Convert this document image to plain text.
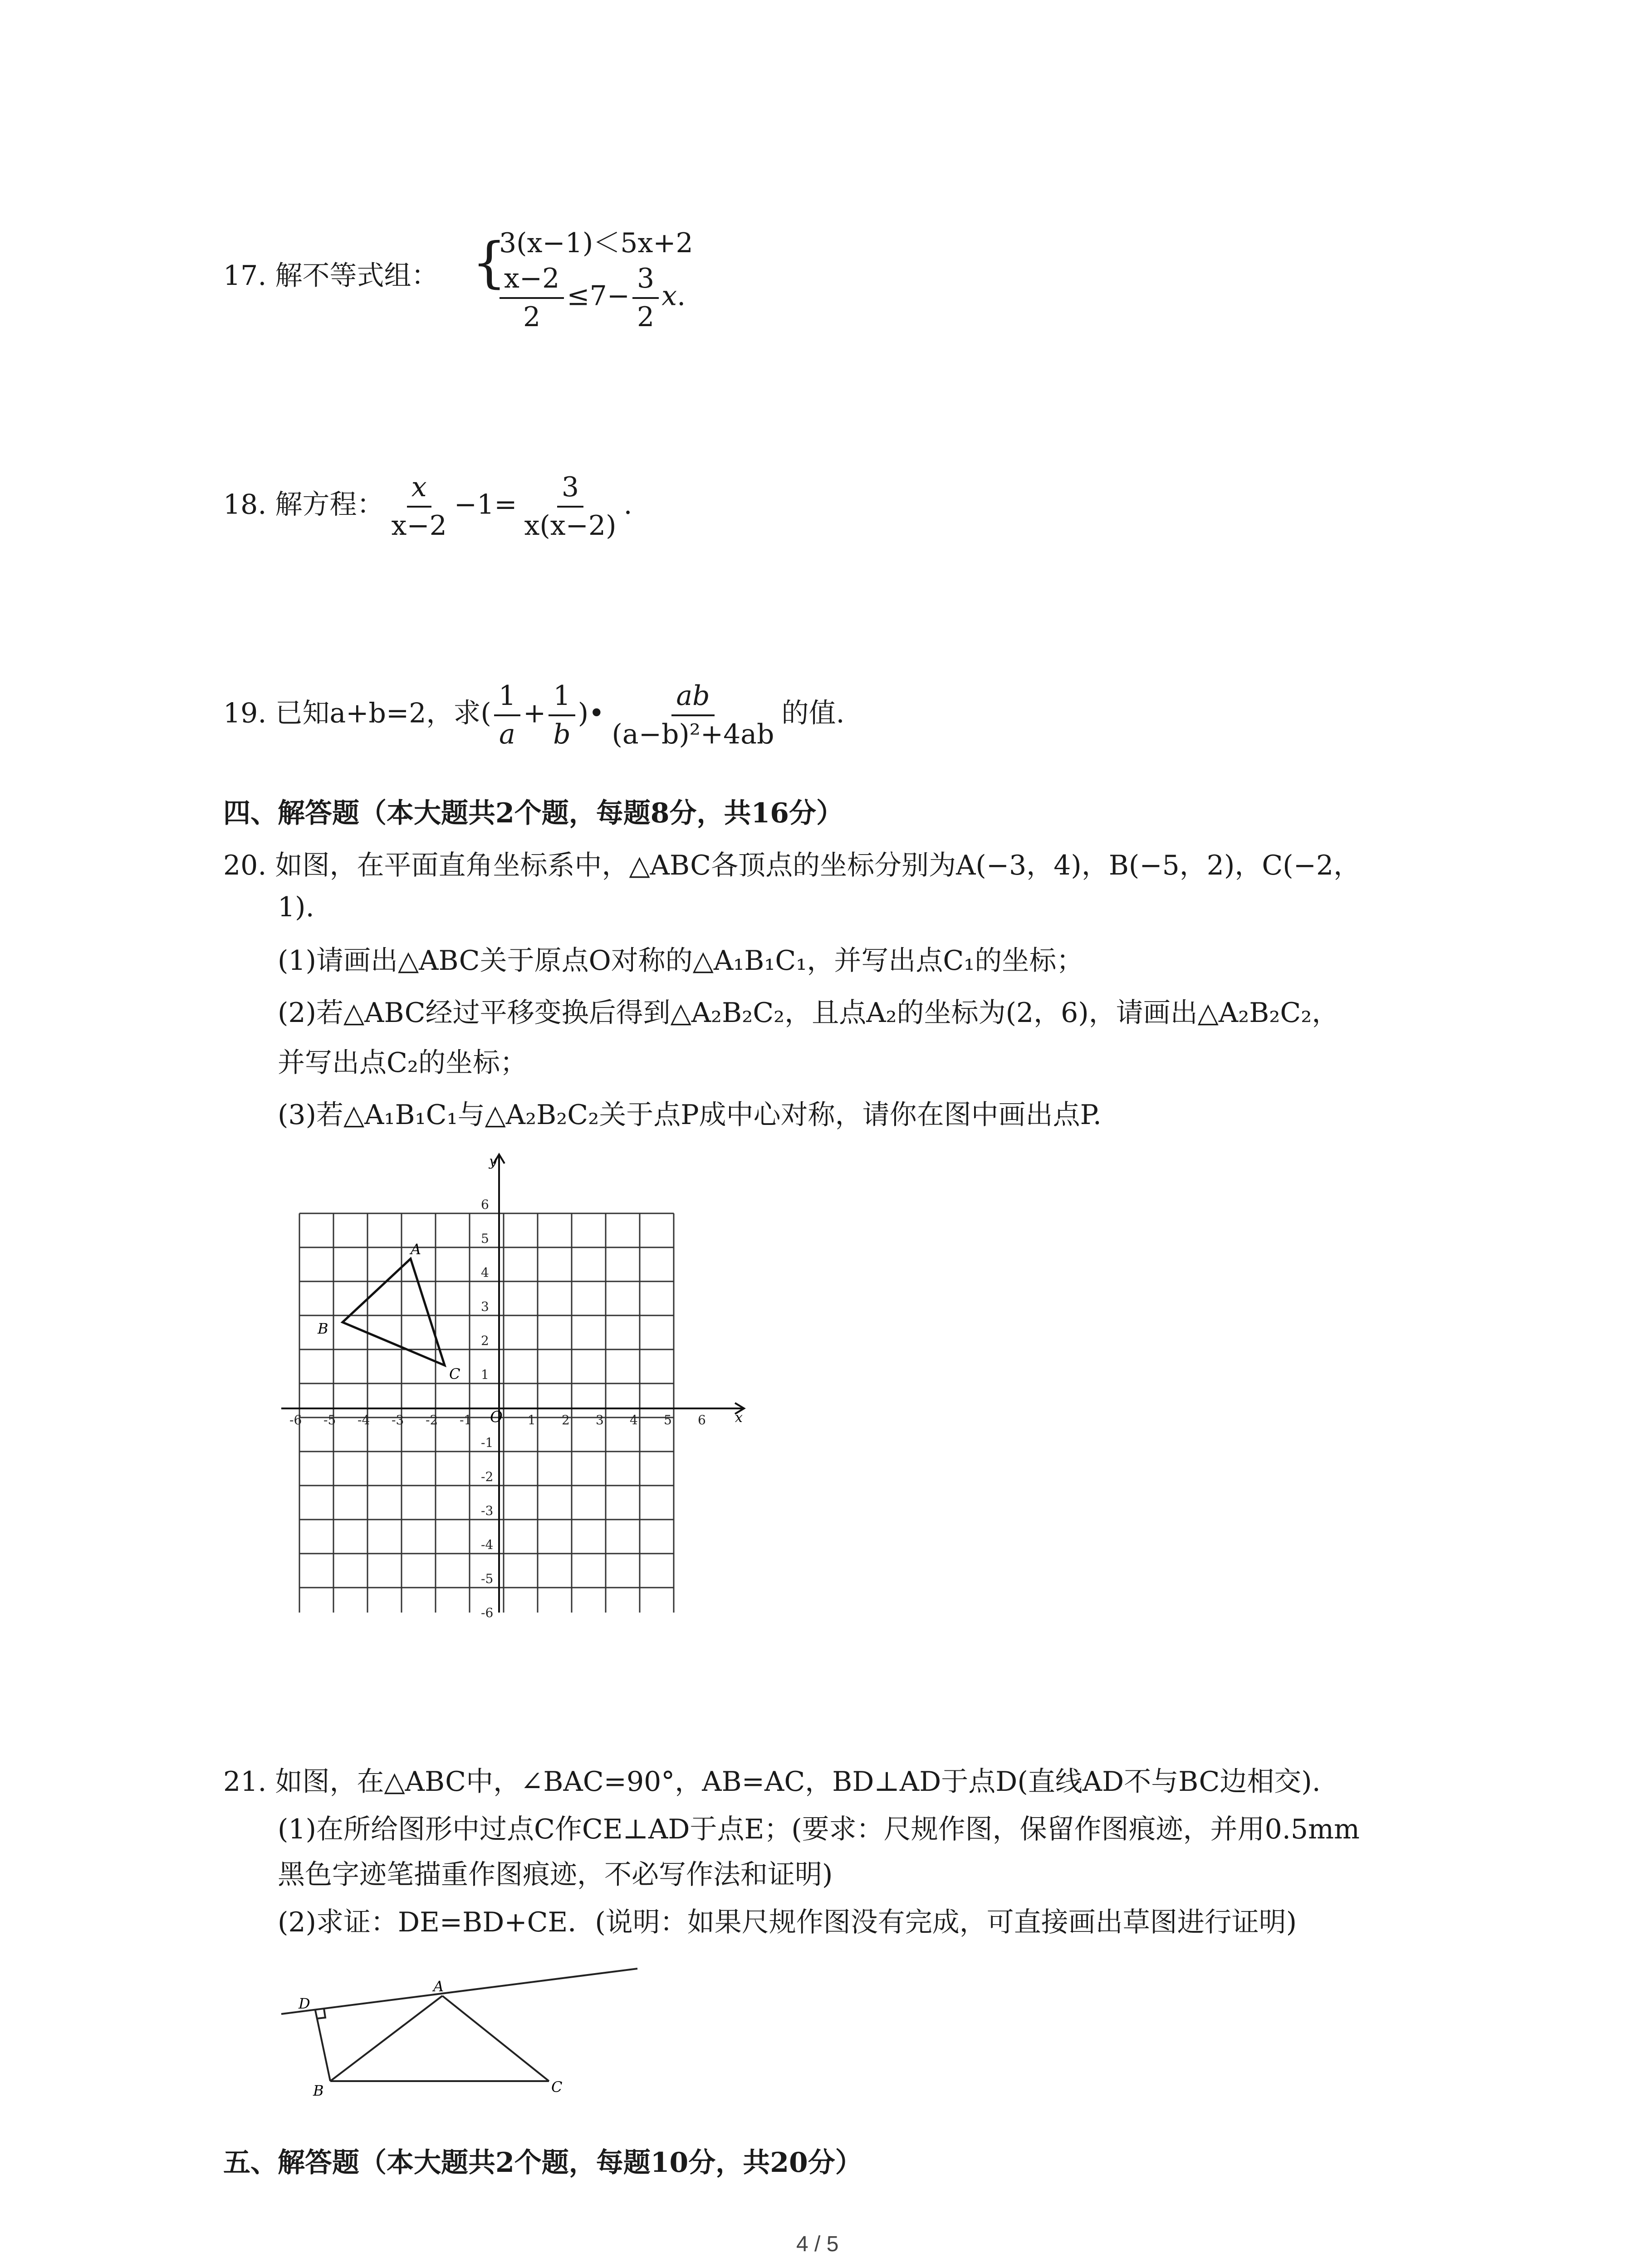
17. 解不等式组： {
3(x−1)＜5x+2
$\frac{x-2}{2} \le 7- \frac{3}{2} x$.
18. 解方程： $\frac{x}{x-2} -1= \frac{3}{x(x-2)}$ .
19. 已知a+b=2，求( $\frac{1}{a} + \frac{1}{b}$ )• $\frac{ab}{\text{(a−b)²+4ab}}$ 的值.
四、解答题（本大题共2个题，每题8分，共16分）
20. 如图，在平面直角坐标系中，△ABC各顶点的坐标分别为A(−3，4)，B(−5，2)，C(−2，
1).
(1)请画出△ABC关于原点O对称的△A₁B₁C₁，并写出点C₁的坐标；
(2)若△ABC经过平移变换后得到△A₂B₂C₂，且点A₂的坐标为(2，6)，请画出△A₂B₂C₂，
并写出点C₂的坐标；
(3)若△A₁B₁C₁与△A₂B₂C₂关于点P成中心对称，请你在图中画出点P.
-6 -5 -4 -3 -2 -1	1 2 3 4 5 6
6
5
4
3
2
1
-1
-2
-3
-4
-5
-6
x
y
O
A
B
C
21. 如图，在△ABC中，∠BAC=90°，AB=AC，BD⊥AD于点D(直线AD不与BC边相交).
(1)在所给图形中过点C作CE⊥AD于点E；(要求：尺规作图，保留作图痕迹，并用0.5mm
黑色字迹笔描重作图痕迹，不必写作法和证明)
(2)求证：DE=BD+CE．(说明：如果尺规作图没有完成，可直接画出草图进行证明)
A
B	C
D
五、解答题（本大题共2个题，每题10分，共20分）
4 / 5
